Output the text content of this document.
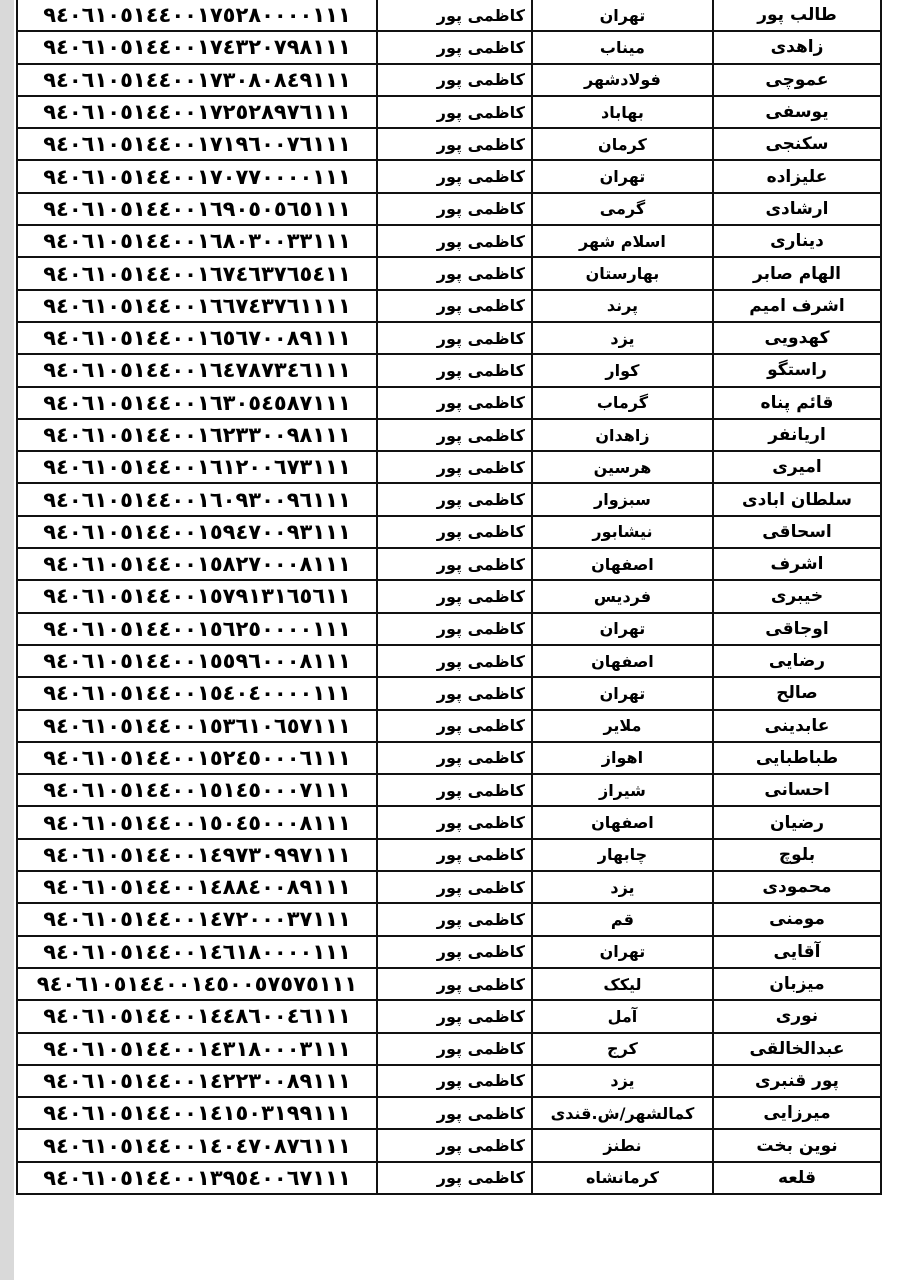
٩٤٠٦١٠٥١٤٤٠٠١٧٥٢٨٠٠٠٠١١١	کاظمی پور	تهران	طالب پور
٩٤٠٦١٠٥١٤٤٠٠١٧٤٣٢٠٧٩٨١١١	کاظمی پور	میناب	زاهدی
٩٤٠٦١٠٥١٤٤٠٠١٧٣٠٨٠٨٤٩١١١	کاظمی پور	فولادشهر	عموچی
٩٤٠٦١٠٥١٤٤٠٠١٧٢٥٢٨٩٧٦١١١	کاظمی پور	بهاباد	یوسفی
٩٤٠٦١٠٥١٤٤٠٠١٧١٩٦٠٠٧٦١١١	کاظمی پور	کرمان	سکنجی
٩٤٠٦١٠٥١٤٤٠٠١٧٠٧٧٠٠٠٠١١١	کاظمی پور	تهران	علیزاده
٩٤٠٦١٠٥١٤٤٠٠١٦٩٠٥٠٥٦٥١١١	کاظمی پور	گرمی	ارشادی
٩٤٠٦١٠٥١٤٤٠٠١٦٨٠٣٠٠٣٣١١١	کاظمی پور	اسلام شهر	دیناری
٩٤٠٦١٠٥١٤٤٠٠١٦٧٤٦٣٧٦٥٤١١	کاظمی پور	بهارستان	الهام صابر
٩٤٠٦١٠٥١٤٤٠٠١٦٦٧٤٣٧٦١١١١	کاظمی پور	پرند	اشرف امیم
٩٤٠٦١٠٥١٤٤٠٠١٦٥٦٧٠٠٨٩١١١	کاظمی پور	یزد	کهدویی
٩٤٠٦١٠٥١٤٤٠٠١٦٤٧٨٧٣٤٦١١١	کاظمی پور	کوار	راستگو
٩٤٠٦١٠٥١٤٤٠٠١٦٣٠٥٤٥٨٧١١١	کاظمی پور	گرماب	قائم پناه
٩٤٠٦١٠٥١٤٤٠٠١٦٢٣٣٠٠٩٨١١١	کاظمی پور	زاهدان	اریانفر
٩٤٠٦١٠٥١٤٤٠٠١٦١٢٠٠٦٧٣١١١	کاظمی پور	هرسین	امیری
٩٤٠٦١٠٥١٤٤٠٠١٦٠٩٣٠٠٩٦١١١	کاظمی پور	سبزوار	سلطان ابادی
٩٤٠٦١٠٥١٤٤٠٠١٥٩٤٧٠٠٩٣١١١	کاظمی پور	نیشابور	اسحاقی
٩٤٠٦١٠٥١٤٤٠٠١٥٨٢٧٠٠٠٨١١١	کاظمی پور	اصفهان	اشرف
٩٤٠٦١٠٥١٤٤٠٠١٥٧٩١٣١٦٥٦١١	کاظمی پور	فردیس	خیبری
٩٤٠٦١٠٥١٤٤٠٠١٥٦٢٥٠٠٠٠١١١	کاظمی پور	تهران	اوجاقی
٩٤٠٦١٠٥١٤٤٠٠١٥٥٩٦٠٠٠٨١١١	کاظمی پور	اصفهان	رضایی
٩٤٠٦١٠٥١٤٤٠٠١٥٤٠٤٠٠٠٠١١١	کاظمی پور	تهران	صالح
٩٤٠٦١٠٥١٤٤٠٠١٥٣٦١٠٦٥٧١١١	کاظمی پور	ملایر	عابدینی
٩٤٠٦١٠٥١٤٤٠٠١٥٢٤٥٠٠٠٦١١١	کاظمی پور	اهواز	طباطبایی
٩٤٠٦١٠٥١٤٤٠٠١٥١٤٥٠٠٠٧١١١	کاظمی پور	شیراز	احسانی
٩٤٠٦١٠٥١٤٤٠٠١٥٠٤٥٠٠٠٨١١١	کاظمی پور	اصفهان	رضیان
٩٤٠٦١٠٥١٤٤٠٠١٤٩٧٣٠٩٩٧١١١	کاظمی پور	چابهار	بلوچ
٩٤٠٦١٠٥١٤٤٠٠١٤٨٨٤٠٠٨٩١١١	کاظمی پور	یزد	محمودی
٩٤٠٦١٠٥١٤٤٠٠١٤٧٢٠٠٠٣٧١١١	کاظمی پور	قم	مومنی
٩٤٠٦١٠٥١٤٤٠٠١٤٦١٨٠٠٠٠١١١	کاظمی پور	تهران	آقایی
٩٤٠٦١٠٥١٤٤٠٠١٤٥٠٠٥٧٥٧٥١١١	کاظمی پور	لیکک	میزبان
٩٤٠٦١٠٥١٤٤٠٠١٤٤٨٦٠٠٤٦١١١	کاظمی پور	آمل	نوری
٩٤٠٦١٠٥١٤٤٠٠١٤٣١٨٠٠٠٣١١١	کاظمی پور	کرج	عبدالخالقی
٩٤٠٦١٠٥١٤٤٠٠١٤٢٢٣٠٠٨٩١١١	کاظمی پور	یزد	پور قنبری
٩٤٠٦١٠٥١٤٤٠٠١٤١٥٠٣١٩٩١١١	کاظمی پور	کمالشهر/ش.قندی	میرزایی
٩٤٠٦١٠٥١٤٤٠٠١٤٠٤٧٠٨٧٦١١١	کاظمی پور	نطنز	نوین بخت
٩٤٠٦١٠٥١٤٤٠٠١٣٩٥٤٠٠٦٧١١١	کاظمی پور	کرمانشاه	قلعه
